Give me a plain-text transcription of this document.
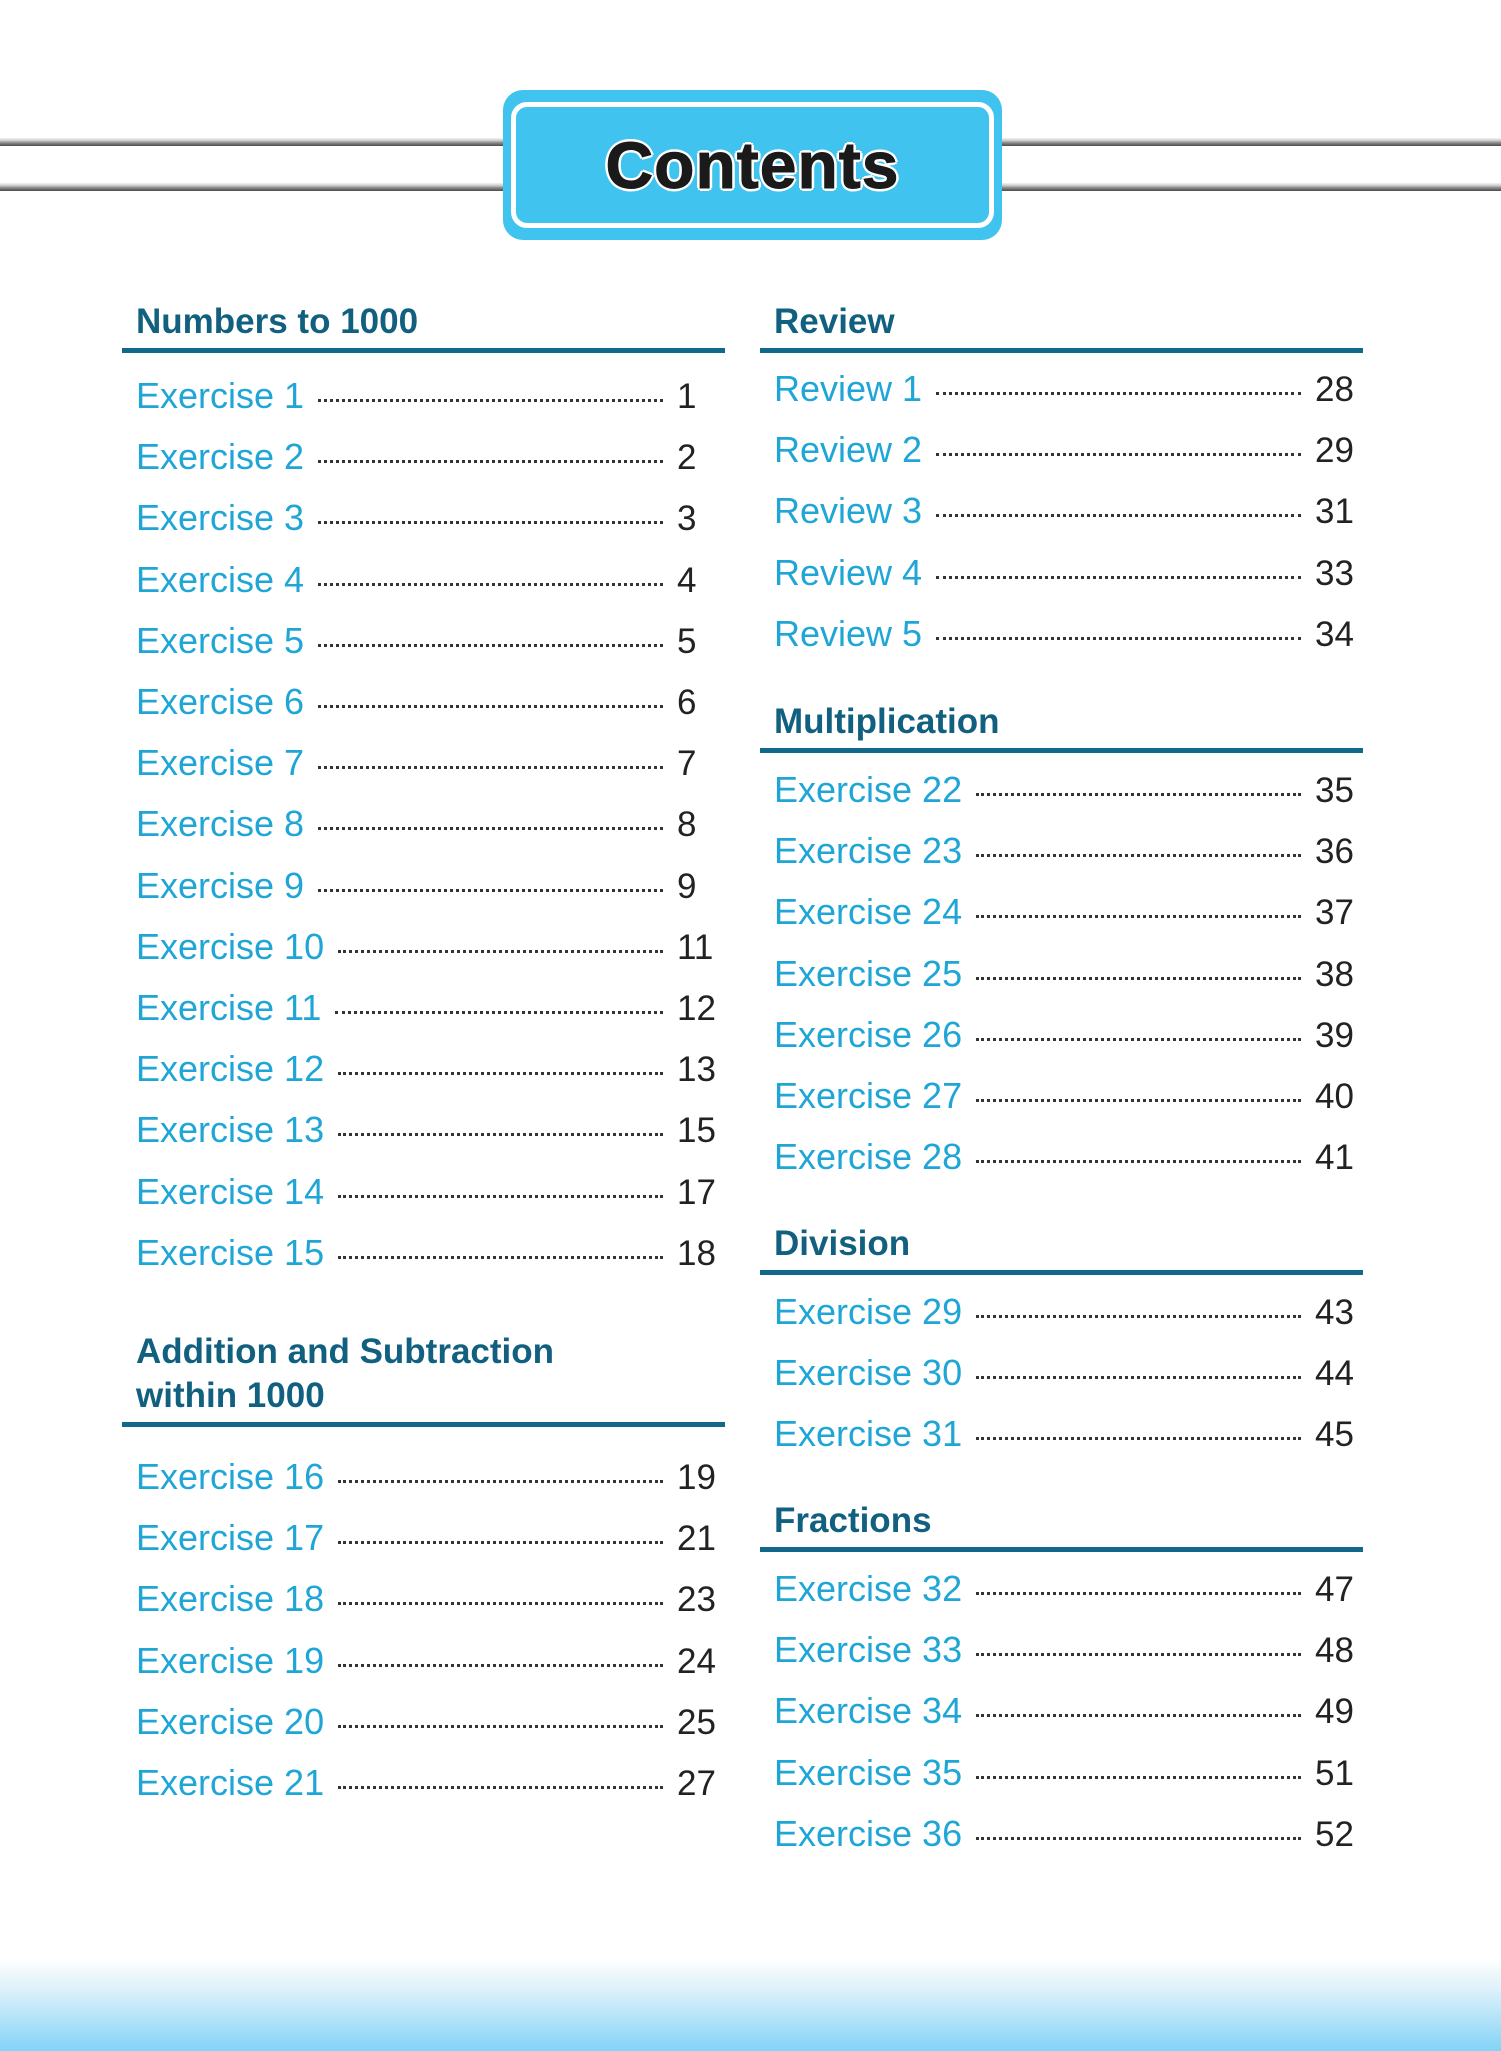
Contents
Numbers to 1000
Exercise 1	1
Exercise 2	2
Exercise 3	3
Exercise 4	4
Exercise 5	5
Exercise 6	6
Exercise 7	7
Exercise 8	8
Exercise 9	9
Exercise 10	11
Exercise 11	12
Exercise 12	13
Exercise 13	15
Exercise 14	17
Exercise 15	18
Addition and Subtraction
within 1000
Exercise 16	19
Exercise 17	21
Exercise 18	23
Exercise 19	24
Exercise 20	25
Exercise 21	27
Review
Review 1	28
Review 2	29
Review 3	31
Review 4	33
Review 5	34
Multiplication
Exercise 22	35
Exercise 23	36
Exercise 24	37
Exercise 25	38
Exercise 26	39
Exercise 27	40
Exercise 28	41
Division
Exercise 29	43
Exercise 30	44
Exercise 31	45
Fractions
Exercise 32	47
Exercise 33	48
Exercise 34	49
Exercise 35	51
Exercise 36	52
